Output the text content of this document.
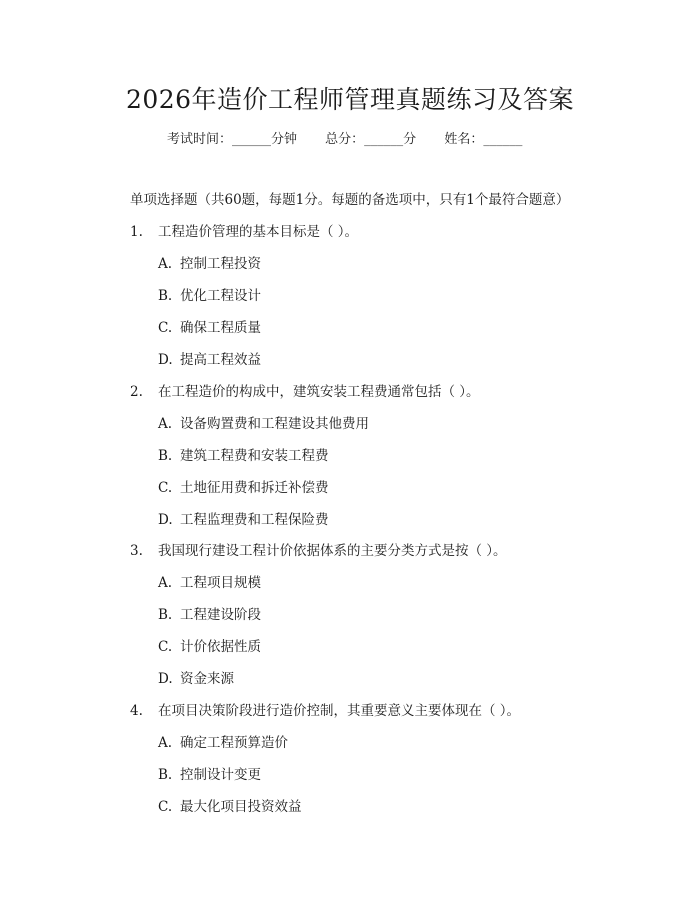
2026年造价工程师管理真题练习及答案
考试时间：______分钟 总分：______分 姓名：______
单项选择题（共60题，每题1分。每题的备选项中，只有1个最符合题意）
1. 工程造价管理的基本目标是（ ）。
A. 控制工程投资
B. 优化工程设计
C. 确保工程质量
D. 提高工程效益
2. 在工程造价的构成中，建筑安装工程费通常包括（ ）。
A. 设备购置费和工程建设其他费用
B. 建筑工程费和安装工程费
C. 土地征用费和拆迁补偿费
D. 工程监理费和工程保险费
3. 我国现行建设工程计价依据体系的主要分类方式是按（ ）。
A. 工程项目规模
B. 工程建设阶段
C. 计价依据性质
D. 资金来源
4. 在项目决策阶段进行造价控制，其重要意义主要体现在（ ）。
A. 确定工程预算造价
B. 控制设计变更
C. 最大化项目投资效益
